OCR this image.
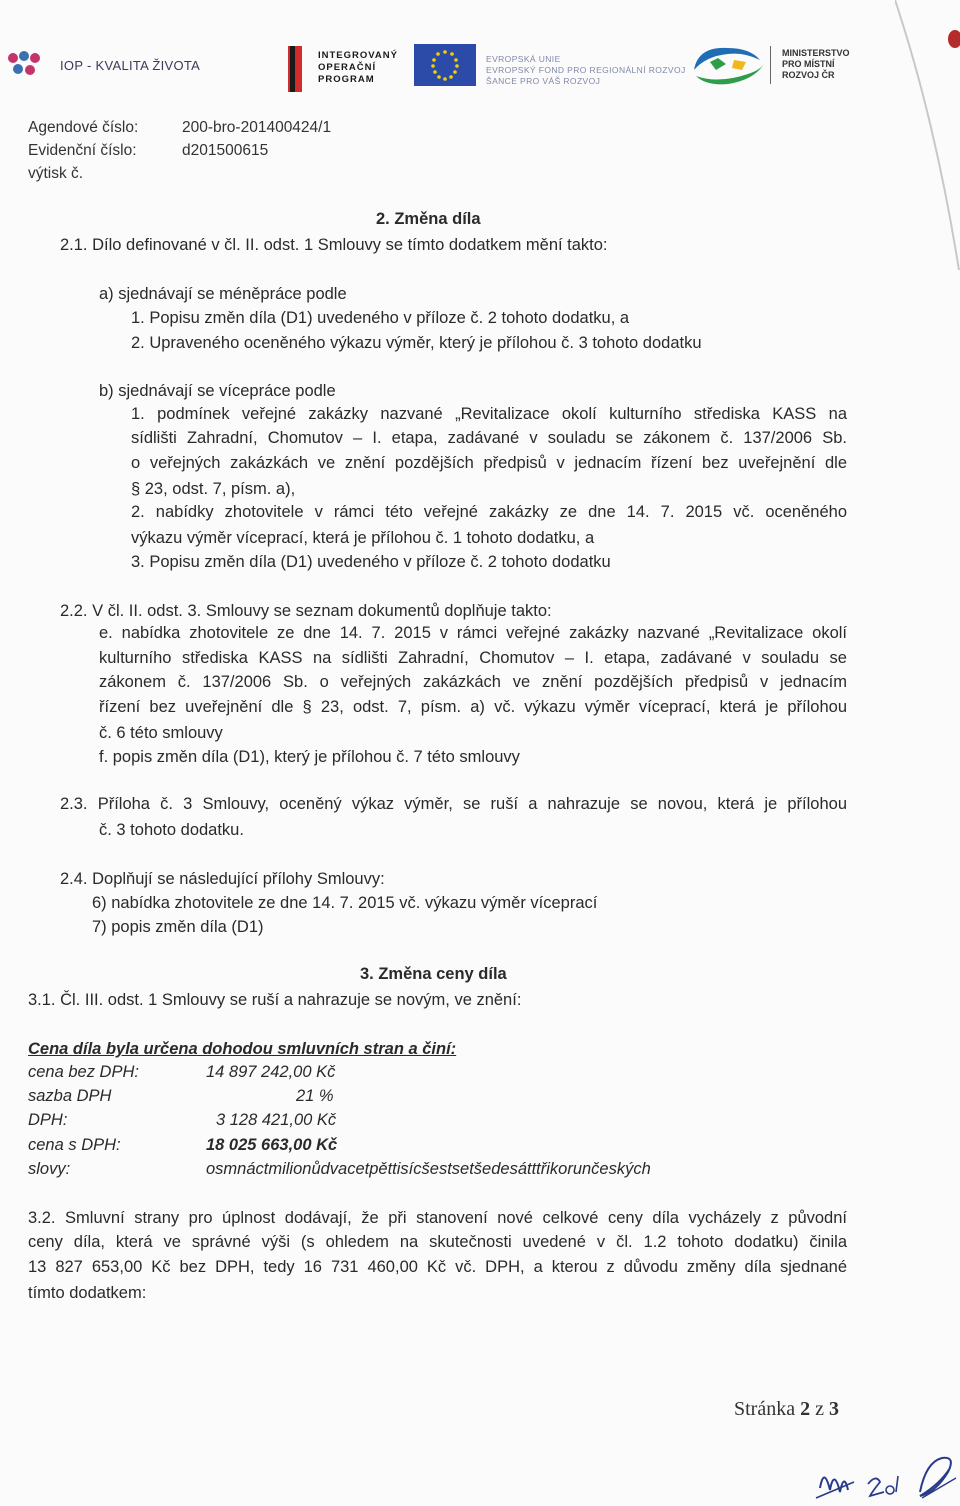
IOP - KVALITA ŽIVOTA
INTEGROVANÝ
OPERAČNÍ
PROGRAM
EVROPSKÁ UNIE
EVROPSKÝ FOND PRO REGIONÁLNÍ ROZVOJ
ŠANCE PRO VÁŠ ROZVOJ
MINISTERSTVO
PRO MÍSTNÍ
ROZVOJ ČR
Agendové číslo:	200-bro-201400424/1
Evidenční číslo:	d201500615
výtisk č.
2. Změna díla
2.1. Dílo definované v čl. II. odst. 1 Smlouvy se tímto dodatkem mění takto:
a) sjednávají se méněpráce podle
1. Popisu změn díla (D1) uvedeného v příloze č. 2 tohoto dodatku, a
2. Upraveného oceněného výkazu výměr, který je přílohou č. 3 tohoto dodatku
b) sjednávají se vícepráce podle
1. podmínek veřejné zakázky nazvané „Revitalizace okolí kulturního střediska KASS na
sídlišti Zahradní, Chomutov – I. etapa, zadávané v souladu se zákonem č. 137/2006 Sb.
o veřejných zakázkách ve znění pozdějších předpisů v jednacím řízení bez uveřejnění dle
§ 23, odst. 7, písm. a),
2. nabídky zhotovitele v rámci této veřejné zakázky ze dne 14. 7. 2015 vč. oceněného
výkazu výměr víceprací, která je přílohou č. 1 tohoto dodatku, a
3. Popisu změn díla (D1) uvedeného v příloze č. 2 tohoto dodatku
2.2. V čl. II. odst. 3. Smlouvy se seznam dokumentů doplňuje takto:
e. nabídka zhotovitele ze dne 14. 7. 2015 v rámci veřejné zakázky nazvané „Revitalizace okolí
kulturního střediska KASS na sídlišti Zahradní, Chomutov – I. etapa, zadávané v souladu se
zákonem č. 137/2006 Sb. o veřejných zakázkách ve znění pozdějších předpisů v jednacím
řízení bez uveřejnění dle § 23, odst. 7, písm. a) vč. výkazu výměr víceprací, která je přílohou
č. 6 této smlouvy
f. popis změn díla (D1), který je přílohou č. 7 této smlouvy
2.3. Příloha č. 3 Smlouvy, oceněný výkaz výměr, se ruší a nahrazuje se novou, která je přílohou
č. 3 tohoto dodatku.
2.4. Doplňují se následující přílohy Smlouvy:
6) nabídka zhotovitele ze dne 14. 7. 2015 vč. výkazu výměr víceprací
7) popis změn díla (D1)
3. Změna ceny díla
3.1. Čl. III. odst. 1 Smlouvy se ruší a nahrazuje se novým, ve znění:
Cena díla byla určena dohodou smluvních stran a činí:
cena bez DPH:	14 897 242,00 Kč
sazba DPH	21 %
DPH:	3 128 421,00 Kč
cena s DPH:	18 025 663,00 Kč
slovy:	osmnáctmilionůdvacetpěttisícšestsetšedesátttřikorunčeských
3.2. Smluvní strany pro úplnost dodávají, že při stanovení nové celkové ceny díla vycházely z původní
ceny díla, která ve správné výši (s ohledem na skutečnosti uvedené v čl. 1.2 tohoto dodatku) činila
13 827 653,00 Kč bez DPH, tedy 16 731 460,00 Kč vč. DPH, a kterou z důvodu změny díla sjednané
tímto dodatkem:
Stránka 2 z 3
